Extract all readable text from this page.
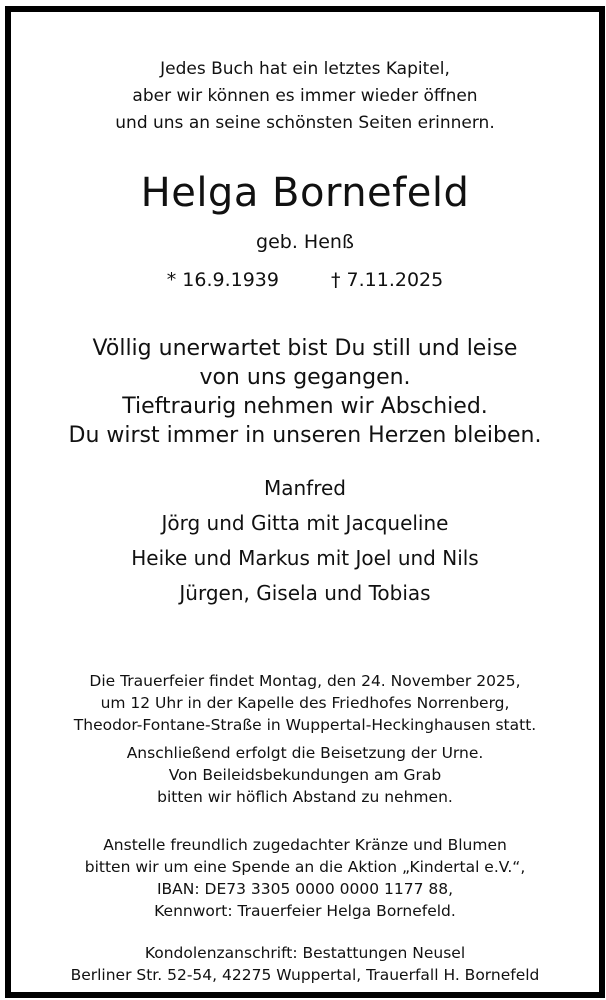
Jedes Buch hat ein letztes Kapitel,
aber wir können es immer wieder öffnen
und uns an seine schönsten Seiten erinnern.
Helga Bornefeld
geb. Henß
* 16.9.1939	† 7.11.2025
Völlig unerwartet bist Du still und leise
von uns gegangen.
Tieftraurig nehmen wir Abschied.
Du wirst immer in unseren Herzen bleiben.
Manfred
Jörg und Gitta mit Jacqueline
Heike und Markus mit Joel und Nils
Jürgen, Gisela und Tobias
Die Trauerfeier findet Montag, den 24. November 2025,
um 12 Uhr in der Kapelle des Friedhofes Norrenberg,
Theodor-Fontane-Straße in Wuppertal-Heckinghausen statt.
Anschließend erfolgt die Beisetzung der Urne.
Von Beileidsbekundungen am Grab
bitten wir höflich Abstand zu nehmen.
Anstelle freundlich zugedachter Kränze und Blumen
bitten wir um eine Spende an die Aktion „Kindertal e.V.“,
IBAN: DE73 3305 0000 0000 1177 88,
Kennwort: Trauerfeier Helga Bornefeld.
Kondolenzanschrift: Bestattungen Neusel
Berliner Str. 52-54, 42275 Wuppertal, Trauerfall H. Bornefeld
